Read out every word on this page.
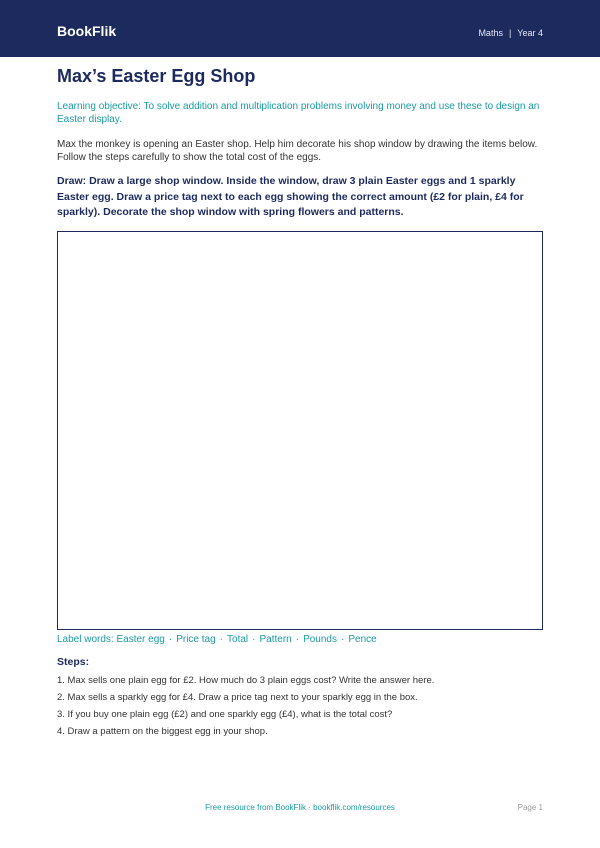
BookFlik	Maths | Year 4
Max’s Easter Egg Shop
Learning objective: To solve addition and multiplication problems involving money and use these to design an Easter display.
Max the monkey is opening an Easter shop. Help him decorate his shop window by drawing the items below. Follow the steps carefully to show the total cost of the eggs.
Draw: Draw a large shop window. Inside the window, draw 3 plain Easter eggs and 1 sparkly Easter egg. Draw a price tag next to each egg showing the correct amount (£2 for plain, £4 for sparkly). Decorate the shop window with spring flowers and patterns.
Label words: Easter egg · Price tag · Total · Pattern · Pounds · Pence
Steps:
1. Max sells one plain egg for £2. How much do 3 plain eggs cost? Write the answer here.
2. Max sells a sparkly egg for £4. Draw a price tag next to your sparkly egg in the box.
3. If you buy one plain egg (£2) and one sparkly egg (£4), what is the total cost?
4. Draw a pattern on the biggest egg in your shop.
Free resource from BookFlik · bookflik.com/resources	Page 1
